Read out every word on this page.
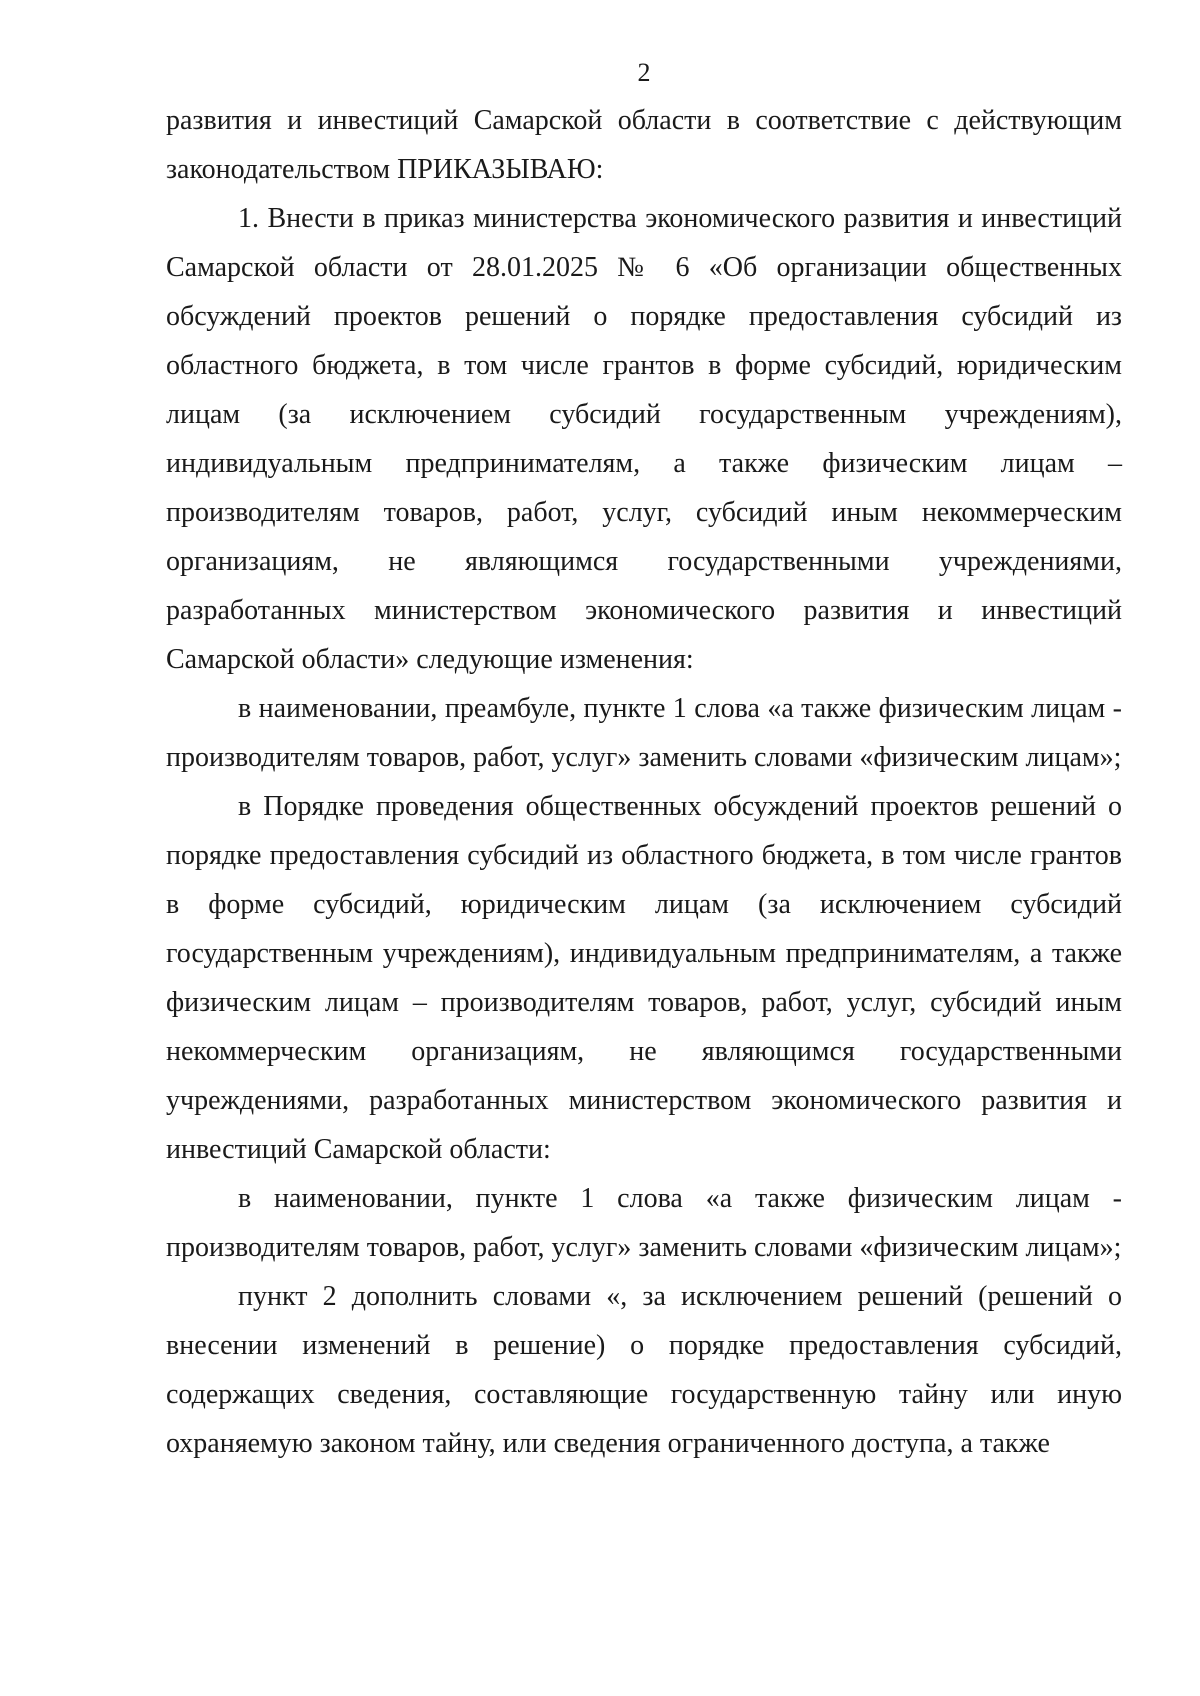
2

развития и инвестиций Самарской области в соответствие с действующим законодательством ПРИКАЗЫВАЮ:

1. Внести в приказ министерства экономического развития и инвестиций Самарской области от 28.01.2025 № 6 «Об организации общественных обсуждений проектов решений о порядке предоставления субсидий из областного бюджета, в том числе грантов в форме субсидий, юридическим лицам (за исключением субсидий государственным учреждениям), индивидуальным предпринимателям, а также физическим лицам – производителям товаров, работ, услуг, субсидий иным некоммерческим организациям, не являющимся государственными учреждениями, разработанных министерством экономического развития и инвестиций Самарской области» следующие изменения:

в наименовании, преамбуле, пункте 1 слова «а также физическим лицам - производителям товаров, работ, услуг» заменить словами «физическим лицам»;

в Порядке проведения общественных обсуждений проектов решений о порядке предоставления субсидий из областного бюджета, в том числе грантов в форме субсидий, юридическим лицам (за исключением субсидий государственным учреждениям), индивидуальным предпринимателям, а также физическим лицам – производителям товаров, работ, услуг, субсидий иным некоммерческим организациям, не являющимся государственными учреждениями, разработанных министерством экономического развития и инвестиций Самарской области:

в наименовании, пункте 1 слова «а также физическим лицам - производителям товаров, работ, услуг» заменить словами «физическим лицам»;

пункт 2 дополнить словами «, за исключением решений (решений о внесении изменений в решение) о порядке предоставления субсидий, содержащих сведения, составляющие государственную тайну или иную охраняемую законом тайну, или сведения ограниченного доступа, а также
